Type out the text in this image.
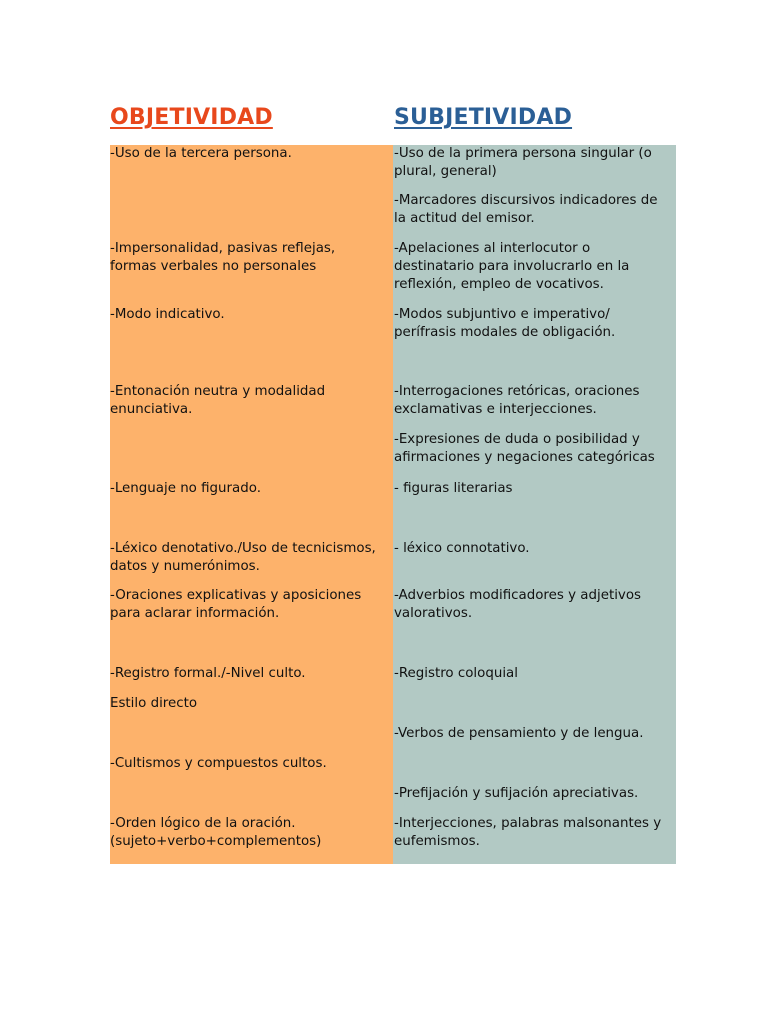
OBJETIVIDAD	SUBJETIVIDAD

-Uso de la tercera persona.

-Impersonalidad, pasivas reflejas,
formas verbales no personales

-Modo indicativo.

-Entonación neutra y modalidad
enunciativa.

-Lenguaje no figurado.

-Léxico denotativo./Uso de tecnicismos,
datos y numerónimos.

-Oraciones explicativas y aposiciones
para aclarar información.

-Registro formal./-Nivel culto.

Estilo directo

-Cultismos y compuestos cultos.

-Orden lógico de la oración.
(sujeto+verbo+complementos)

-Uso de la primera persona singular (o
plural, general)

-Marcadores discursivos indicadores de
la actitud del emisor.

-Apelaciones al interlocutor o
destinatario para involucrarlo en la
reflexión, empleo de vocativos.

-Modos subjuntivo e imperativo/
perífrasis modales de obligación.

-Interrogaciones retóricas, oraciones
exclamativas e interjecciones.

-Expresiones de duda o posibilidad y
afirmaciones y negaciones categóricas

- figuras literarias

- léxico connotativo.

-Adverbios modificadores y adjetivos
valorativos.

-Registro coloquial

-Verbos de pensamiento y de lengua.

-Prefijación y sufijación apreciativas.

-Interjecciones, palabras malsonantes y
eufemismos.
